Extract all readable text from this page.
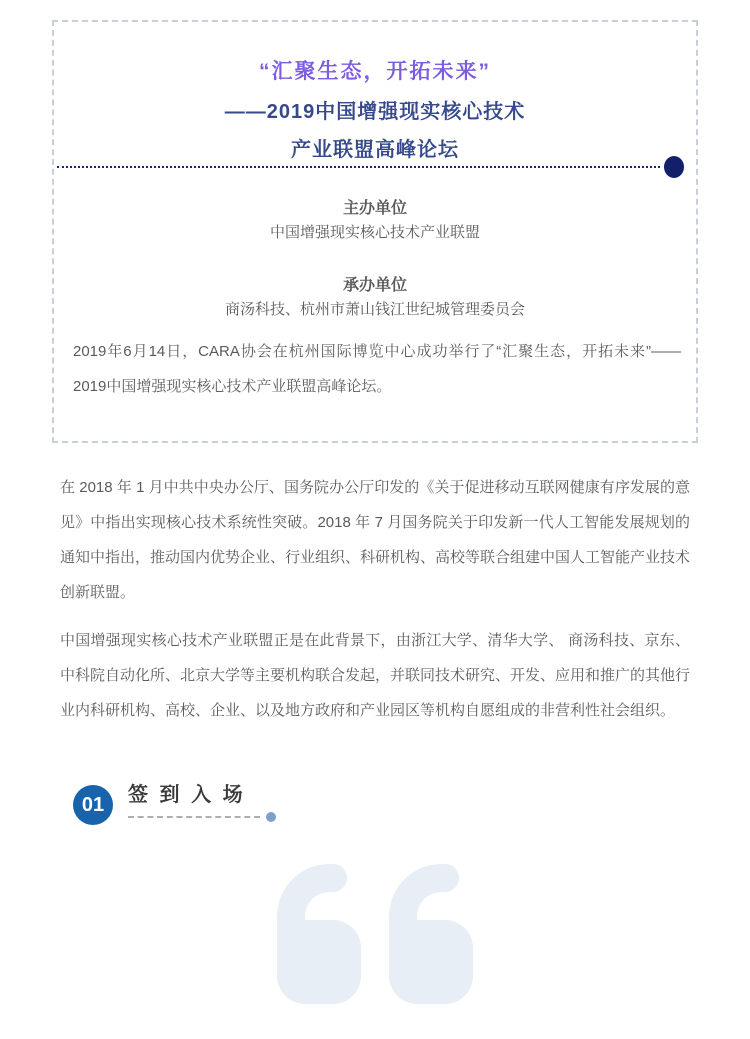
“汇聚生态，开拓未来”
——2019中国增强现实核心技术
产业联盟高峰论坛
主办单位
中国增强现实核心技术产业联盟
承办单位
商汤科技、杭州市萧山钱江世纪城管理委员会

2019年6月14日，CARA协会在杭州国际博览中心成功举行了“汇聚生态，开拓未来”——2019中国增强现实核心技术产业联盟高峰论坛。

在 2018 年 1 月中共中央办公厅、国务院办公厅印发的《关于促进移动互联网健康有序发展的意见》中指出实现核心技术系统性突破。2018 年 7 月国务院关于印发新一代人工智能发展规划的通知中指出，推动国内优势企业、行业组织、科研机构、高校等联合组建中国人工智能产业技术创新联盟。

中国增强现实核心技术产业联盟正是在此背景下，由浙江大学、清华大学、 商汤科技、京东、中科院自动化所、北京大学等主要机构联合发起，并联同技术研究、开发、应用和推广的其他行业内科研机构、高校、企业、以及地方政府和产业园区等机构自愿组成的非营利性社会组织。

01	签 到 入 场
